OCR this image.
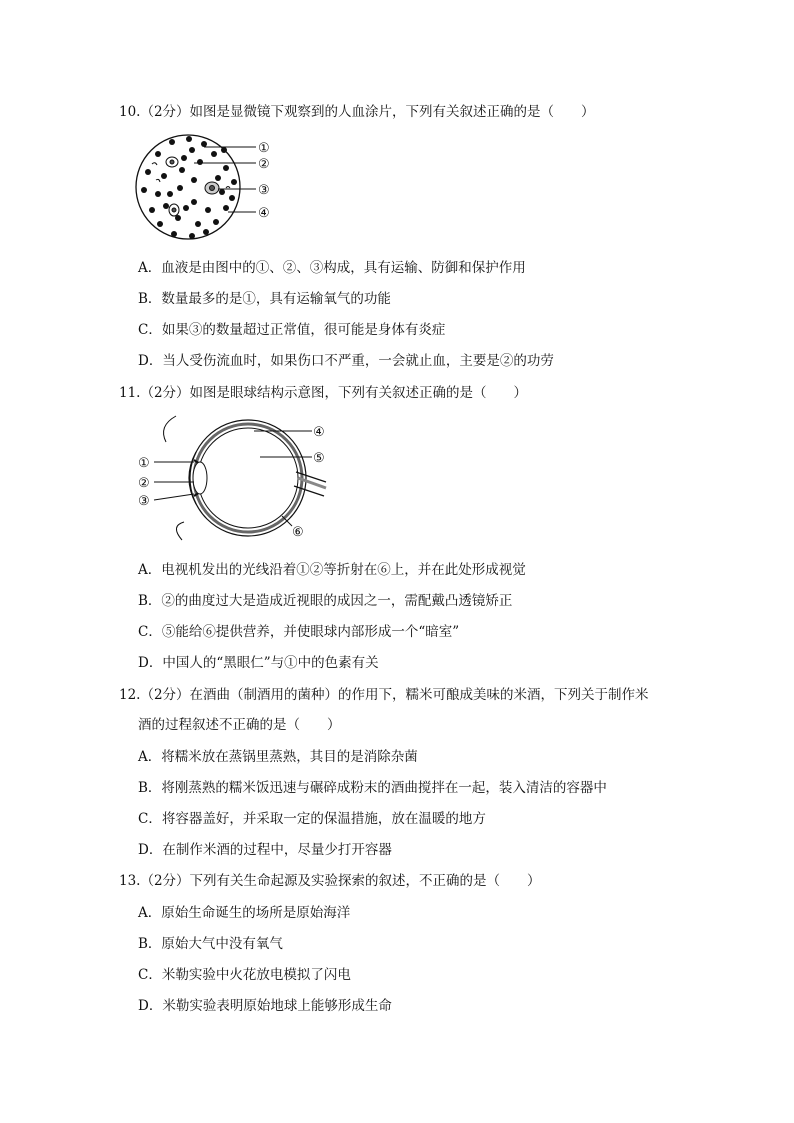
10.（2分）如图是显微镜下观察到的人血涂片，下列有关叙述正确的是（　　）
①
②
③
④
A．血液是由图中的①、②、③构成，具有运输、防御和保护作用
B．数量最多的是①，具有运输氧气的功能
C．如果③的数量超过正常值，很可能是身体有炎症
D．当人受伤流血时，如果伤口不严重，一会就止血，主要是②的功劳
11.（2分）如图是眼球结构示意图，下列有关叙述正确的是（　　）
①
②
③
④
⑤
⑥
A．电视机发出的光线沿着①②等折射在⑥上，并在此处形成视觉
B．②的曲度过大是造成近视眼的成因之一，需配戴凸透镜矫正
C．⑤能给⑥提供营养，并使眼球内部形成一个“暗室”
D．中国人的“黑眼仁”与①中的色素有关
12.（2分）在酒曲（制酒用的菌种）的作用下，糯米可酿成美味的米酒，下列关于制作米
酒的过程叙述不正确的是（　　）
A．将糯米放在蒸锅里蒸熟，其目的是消除杂菌
B．将刚蒸熟的糯米饭迅速与碾碎成粉末的酒曲搅拌在一起，装入清洁的容器中
C．将容器盖好，并采取一定的保温措施，放在温暖的地方
D．在制作米酒的过程中，尽量少打开容器
13.（2分）下列有关生命起源及实验探索的叙述，不正确的是（　　）
A．原始生命诞生的场所是原始海洋
B．原始大气中没有氧气
C．米勒实验中火花放电模拟了闪电
D．米勒实验表明原始地球上能够形成生命
